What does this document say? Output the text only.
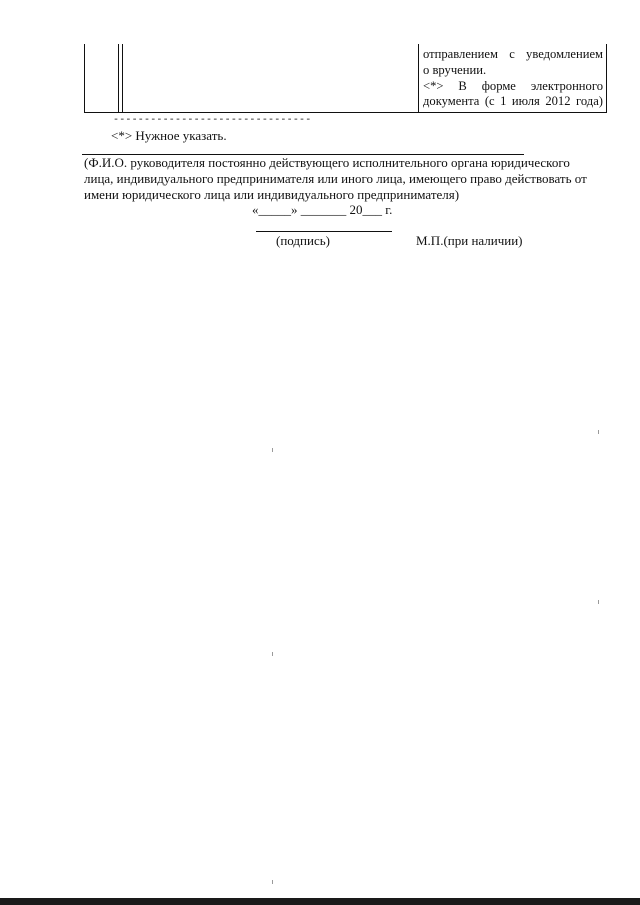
отправлением с уведомлением
о вручении.
<*> В форме электронного
документа (с 1 июля 2012 года)
--------------------------------
<*> Нужное указать.
(Ф.И.О. руководителя постоянно действующего исполнительного органа юридического
лица, индивидуального предпринимателя или иного лица, имеющего право действовать от
имени юридического лица или индивидуального предпринимателя)
«_____» _______ 20___ г.
(подпись)	М.П.(при наличии)
